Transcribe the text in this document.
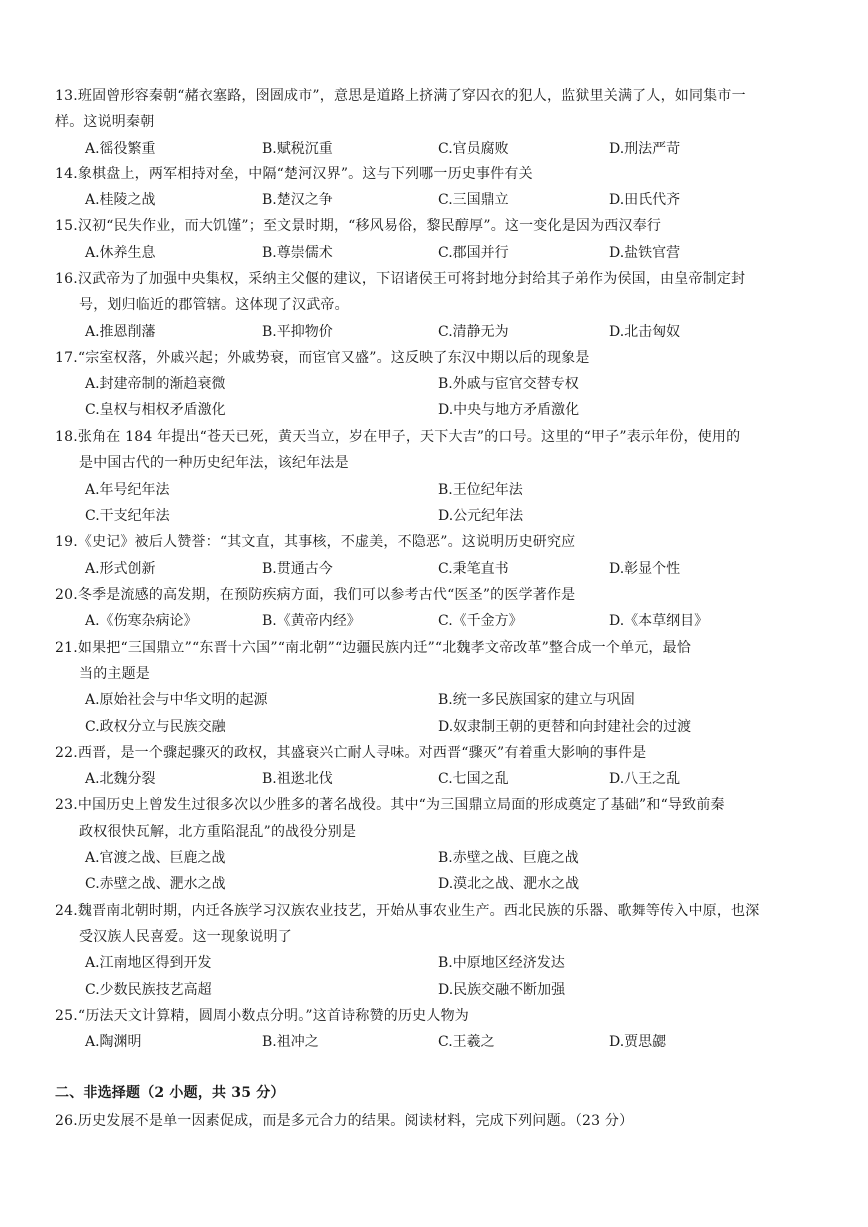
13.班固曾形容秦朝“赭衣塞路，囹圄成市”，意思是道路上挤满了穿囚衣的犯人，监狱里关满了人，如同集市一
样。这说明秦朝
A.徭役繁重	B.赋税沉重	C.官员腐败	D.刑法严苛
14.象棋盘上，两军相持对垒，中隔“楚河汉界”。这与下列哪一历史事件有关
A.桂陵之战	B.楚汉之争	C.三国鼎立	D.田氏代齐
15.汉初“民失作业，而大饥馑”；至文景时期，“移风易俗，黎民醇厚”。这一变化是因为西汉奉行
A.休养生息	B.尊崇儒术	C.郡国并行	D.盐铁官营
16.汉武帝为了加强中央集权，采纳主父偃的建议，下诏诸侯王可将封地分封给其子弟作为侯国，由皇帝制定封
号，划归临近的郡管辖。这体现了汉武帝。
A.推恩削藩	B.平抑物价	C.清静无为	D.北击匈奴
17.“宗室权落，外戚兴起；外戚势衰，而宦官又盛”。这反映了东汉中期以后的现象是
A.封建帝制的渐趋衰微	B.外戚与宦官交替专权
C.皇权与相权矛盾激化	D.中央与地方矛盾激化
18.张角在 184 年提出“苍天已死，黄天当立，岁在甲子，天下大吉”的口号。这里的“甲子”表示年份，使用的
是中国古代的一种历史纪年法，该纪年法是
A.年号纪年法	B.王位纪年法
C.干支纪年法	D.公元纪年法
19.《史记》被后人赞誉：“其文直，其事核，不虚美，不隐恶”。这说明历史研究应
A.形式创新	B.贯通古今	C.秉笔直书	D.彰显个性
20.冬季是流感的高发期，在预防疾病方面，我们可以参考古代“医圣”的医学著作是
A.《伤寒杂病论》	B.《黄帝内经》	C.《千金方》	D.《本草纲目》
21.如果把“三国鼎立”“东晋十六国”“南北朝”“边疆民族内迁”“北魏孝文帝改革”整合成一个单元，最恰
当的主题是
A.原始社会与中华文明的起源	B.统一多民族国家的建立与巩固
C.政权分立与民族交融	D.奴隶制王朝的更替和向封建社会的过渡
22.西晋，是一个骤起骤灭的政权，其盛衰兴亡耐人寻味。对西晋“骤灭”有着重大影响的事件是
A.北魏分裂	B.祖逖北伐	C.七国之乱	D.八王之乱
23.中国历史上曾发生过很多次以少胜多的著名战役。其中“为三国鼎立局面的形成奠定了基础”和“导致前秦
政权很快瓦解，北方重陷混乱”的战役分别是
A.官渡之战、巨鹿之战	B.赤壁之战、巨鹿之战
C.赤壁之战、淝水之战	D.漠北之战、淝水之战
24.魏晋南北朝时期，内迁各族学习汉族农业技艺，开始从事农业生产。西北民族的乐器、歌舞等传入中原，也深
受汉族人民喜爱。这一现象说明了
A.江南地区得到开发	B.中原地区经济发达
C.少数民族技艺高超	D.民族交融不断加强
25.“历法天文计算精，圆周小数点分明。”这首诗称赞的历史人物为
A.陶渊明	B.祖冲之	C.王羲之	D.贾思勰
二、非选择题（2 小题，共 35 分）
26.历史发展不是单一因素促成，而是多元合力的结果。阅读材料，完成下列问题。（23 分）
